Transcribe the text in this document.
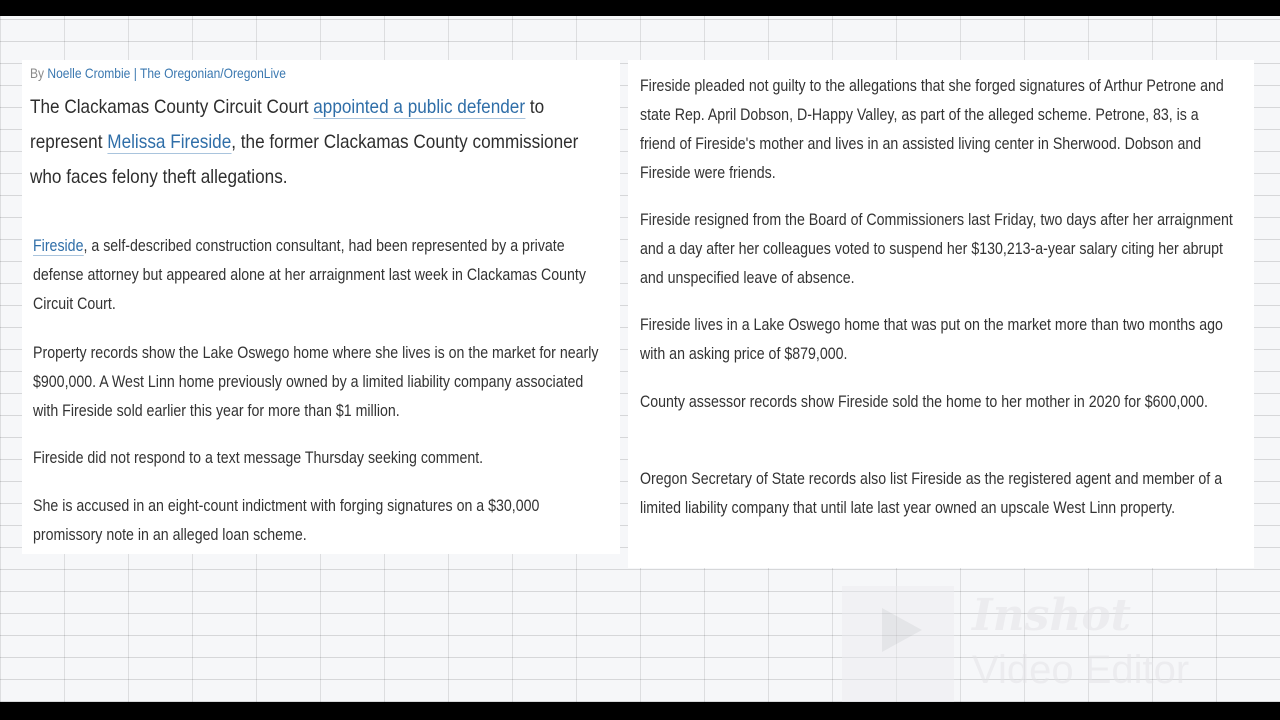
By Noelle Crombie | The Oregonian/OregonLive

The Clackamas County Circuit Court appointed a public defender to represent Melissa Fireside, the former Clackamas County commissioner who faces felony theft allegations.

Fireside, a self-described construction consultant, had been represented by a private defense attorney but appeared alone at her arraignment last week in Clackamas County Circuit Court.

Property records show the Lake Oswego home where she lives is on the market for nearly $900,000. A West Linn home previously owned by a limited liability company associated with Fireside sold earlier this year for more than $1 million.

Fireside did not respond to a text message Thursday seeking comment.

She is accused in an eight-count indictment with forging signatures on a $30,000 promissory note in an alleged loan scheme.

Fireside pleaded not guilty to the allegations that she forged signatures of Arthur Petrone and state Rep. April Dobson, D-Happy Valley, as part of the alleged scheme. Petrone, 83, is a friend of Fireside's mother and lives in an assisted living center in Sherwood. Dobson and Fireside were friends.

Fireside resigned from the Board of Commissioners last Friday, two days after her arraignment and a day after her colleagues voted to suspend her $130,213-a-year salary citing her abrupt and unspecified leave of absence.

Fireside lives in a Lake Oswego home that was put on the market more than two months ago with an asking price of $879,000.

County assessor records show Fireside sold the home to her mother in 2020 for $600,000.

Oregon Secretary of State records also list Fireside as the registered agent and member of a limited liability company that until late last year owned an upscale West Linn property.

Inshot
Video Editor
